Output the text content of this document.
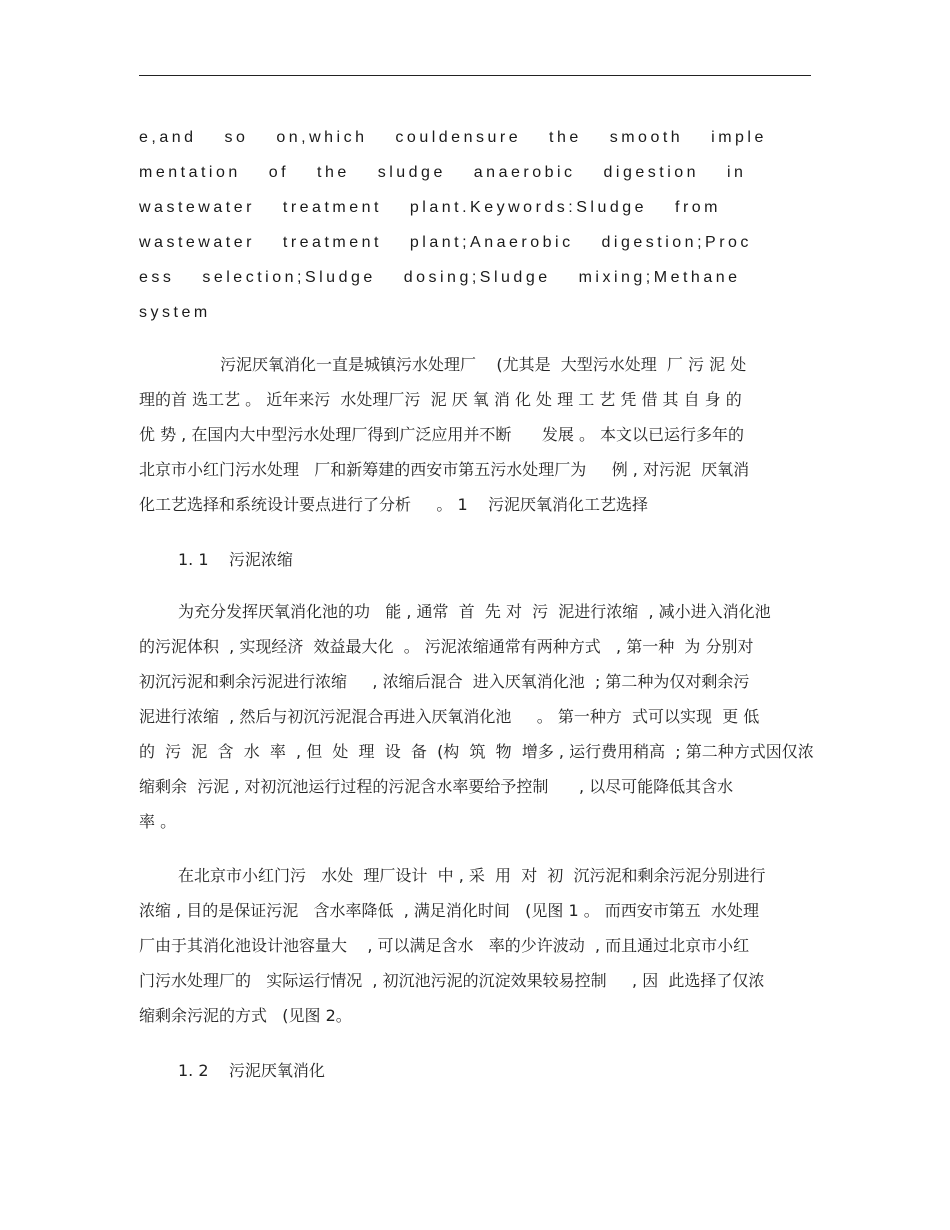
e,and so on,which couldensure the smooth imple
mentation of the sludge anaerobic digestion in
wastewater treatment plant.Keywords:Sludge from
wastewater treatment plant;Anaerobic digestion;Proc
ess selection;Sludge dosing;Sludge mixing;Methane
system
污泥厌氧消化一直是城镇污水处理厂    (尤其是  大型污水处理  厂 污 泥 处
理的首 选工艺 。 近年来污  水处理厂污  泥 厌 氧 消 化 处 理 工 艺 凭 借 其 自 身 的
优 势 , 在国内大中型污水处理厂得到广泛应用并不断      发展 。 本文以已运行多年的
北京市小红门污水处理   厂和新筹建的西安市第五污水处理厂为     例 , 对污泥  厌氧消
化工艺选择和系统设计要点进行了分析     。 1    污泥厌氧消化工艺选择
1. 1    污泥浓缩
为充分发挥厌氧消化池的功   能 , 通常  首  先 对  污  泥进行浓缩  , 减小进入消化池
的污泥体积  , 实现经济  效益最大化  。 污泥浓缩通常有两种方式   , 第一种  为 分别对
初沉污泥和剩余污泥进行浓缩     , 浓缩后混合  进入厌氧消化池  ; 第二种为仅对剩余污
泥进行浓缩  , 然后与初沉污泥混合再进入厌氧消化池     。 第一种方  式可以实现  更 低
的  污  泥  含  水  率  , 但  处  理  设  备  (构  筑  物  增多 , 运行费用稍高  ; 第二种方式因仅浓
缩剩余  污泥 , 对初沉池运行过程的污泥含水率要给予控制      , 以尽可能降低其含水
率 。
在北京市小红门污   水处  理厂设计  中 , 采  用  对  初  沉污泥和剩余污泥分别进行
浓缩 , 目的是保证污泥   含水率降低  , 满足消化时间   (见图 1 。 而西安市第五  水处理
厂由于其消化池设计池容量大    , 可以满足含水   率的少许波动  , 而且通过北京市小红
门污水处理厂的   实际运行情况  , 初沉池污泥的沉淀效果较易控制     , 因  此选择了仅浓
缩剩余污泥的方式   (见图 2。
1. 2    污泥厌氧消化
